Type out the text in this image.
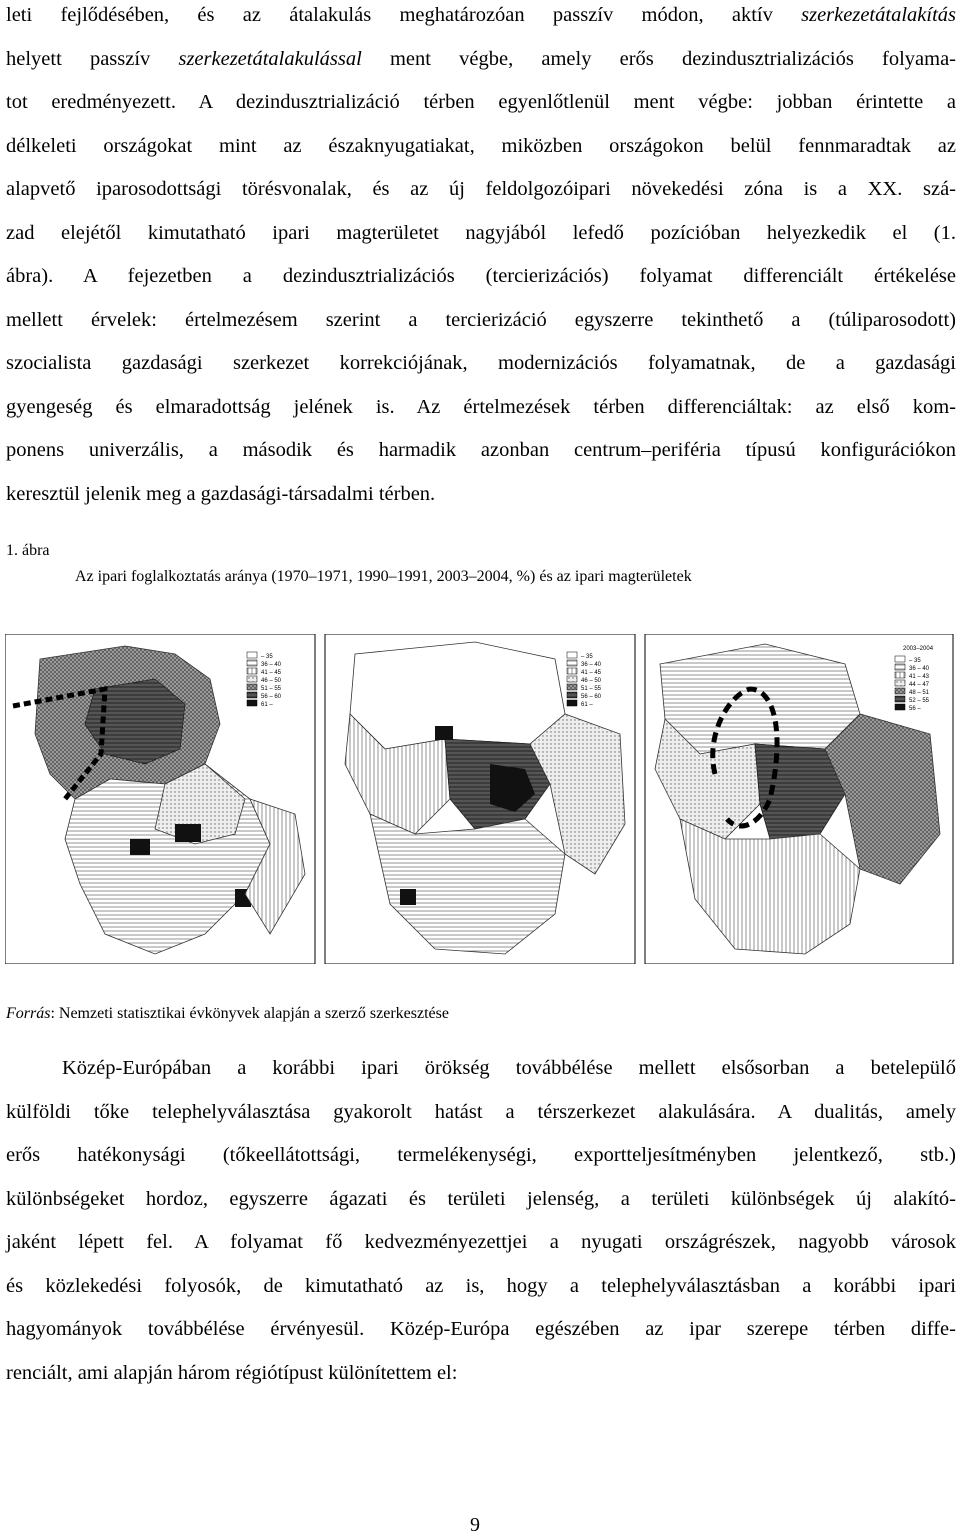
leti fejlődésében, és az átalakulás meghatározóan passzív módon, aktív szerkezetátalakítás
helyett passzív szerkezetátalakulással ment végbe, amely erős dezindusztrializációs folyama-
tot eredményezett. A dezindusztrializáció térben egyenlőtlenül ment végbe: jobban érintette a
délkeleti országokat mint az északnyugatiakat, miközben országokon belül fennmaradtak az
alapvető iparosodottsági törésvonalak, és az új feldolgozóipari növekedési zóna is a XX. szá-
zad elejétől kimutatható ipari magterületet nagyjából lefedő pozícióban helyezkedik el (1.
ábra). A fejezetben a dezindusztrializációs (tercierizációs) folyamat differenciált értékelése
mellett érvelek: értelmezésem szerint a tercierizáció egyszerre tekinthető a (túliparosodott)
szocialista gazdasági szerkezet korrekciójának, modernizációs folyamatnak, de a gazdasági
gyengeség és elmaradottság jelének is. Az értelmezések térben differenciáltak: az első kom-
ponens univerzális, a második és harmadik azonban centrum–periféria típusú konfigurációkon
keresztül jelenik meg a gazdasági-társadalmi térben.
1. ábra
Az ipari foglalkoztatás aránya (1970–1971, 1990–1991, 2003–2004, %) és az ipari magterületek
– 35
36 – 40
41 – 45
46 – 50
51 – 55
56 – 60
61 –
– 35
36 – 40
41 – 45
46 – 50
51 – 55
56 – 60
61 –
2003–2004
– 35
36 – 40
41 – 43
44 – 47
48 – 51
52 – 55
56 –
Forrás: Nemzeti statisztikai évkönyvek alapján a szerző szerkesztése
Közép-Európában a korábbi ipari örökség továbbélése mellett elsősorban a betelepülő
külföldi tőke telephelyválasztása gyakorolt hatást a térszerkezet alakulására. A dualitás, amely
erős hatékonysági (tőkeellátottsági, termelékenységi, exportteljesítményben jelentkező, stb.)
különbségeket hordoz, egyszerre ágazati és területi jelenség, a területi különbségek új alakító-
jaként lépett fel. A folyamat fő kedvezményezettjei a nyugati országrészek, nagyobb városok
és közlekedési folyosók, de kimutatható az is, hogy a telephelyválasztásban a korábbi ipari
hagyományok továbbélése érvényesül. Közép-Európa egészében az ipar szerepe térben diffe-
renciált, ami alapján három régiótípust különítettem el:
9
